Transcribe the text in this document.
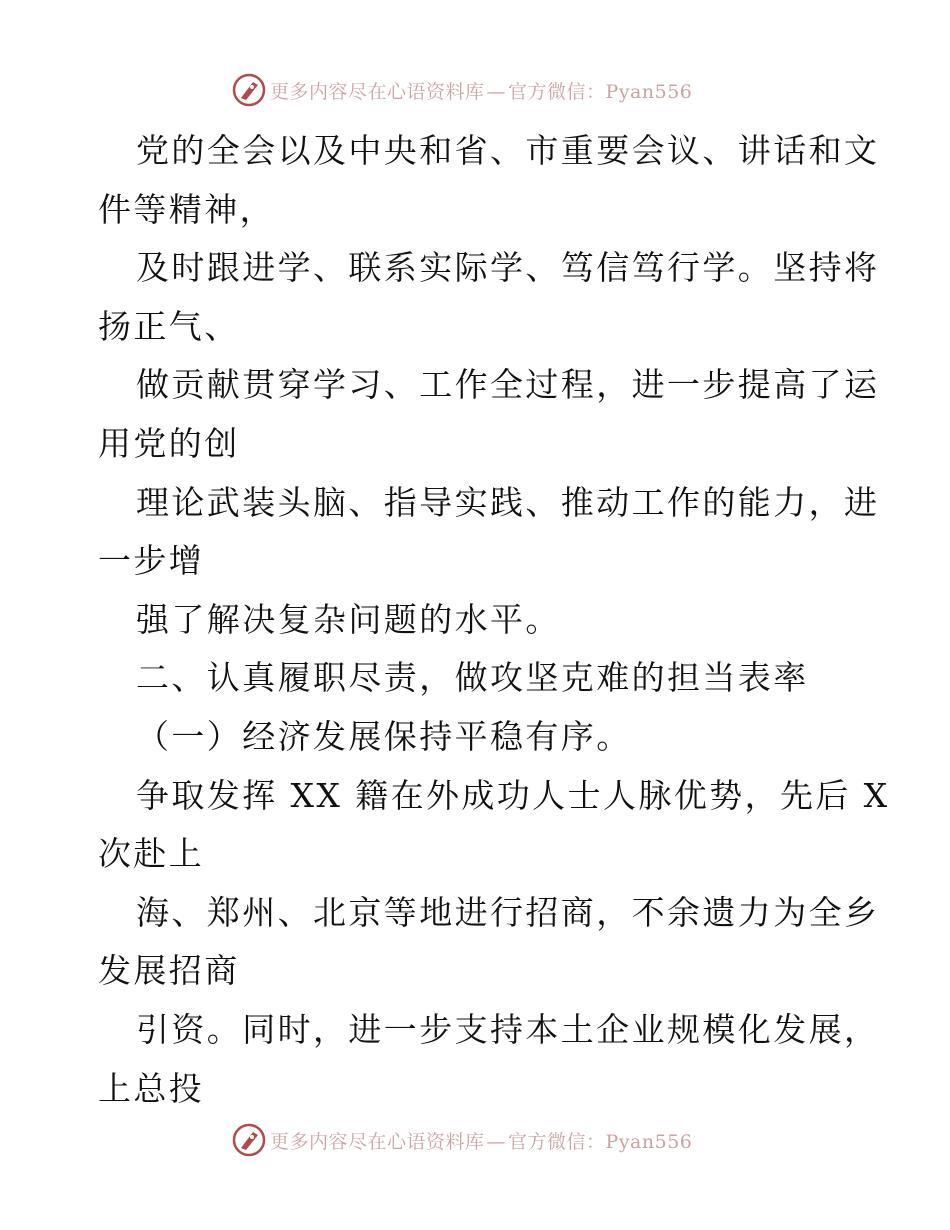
更多内容尽在心语资料库 — 官方微信：Pyan556
党的全会以及中央和省、市重要会议、讲话和文
件等精神，
及时跟进学、联系实际学、笃信笃行学。坚持将
扬正气、
做贡献贯穿学习、工作全过程，进一步提高了运
用党的创
理论武装头脑、指导实践、推动工作的能力，进
一步增
强了解决复杂问题的水平。
二、认真履职尽责，做攻坚克难的担当表率
（一）经济发展保持平稳有序。
争取发挥 XX 籍在外成功人士人脉优势，先后 X
次赴上
海、郑州、北京等地进行招商，不余遗力为全乡
发展招商
引资。同时，进一步支持本土企业规模化发展，
上总投
更多内容尽在心语资料库 — 官方微信：Pyan556
